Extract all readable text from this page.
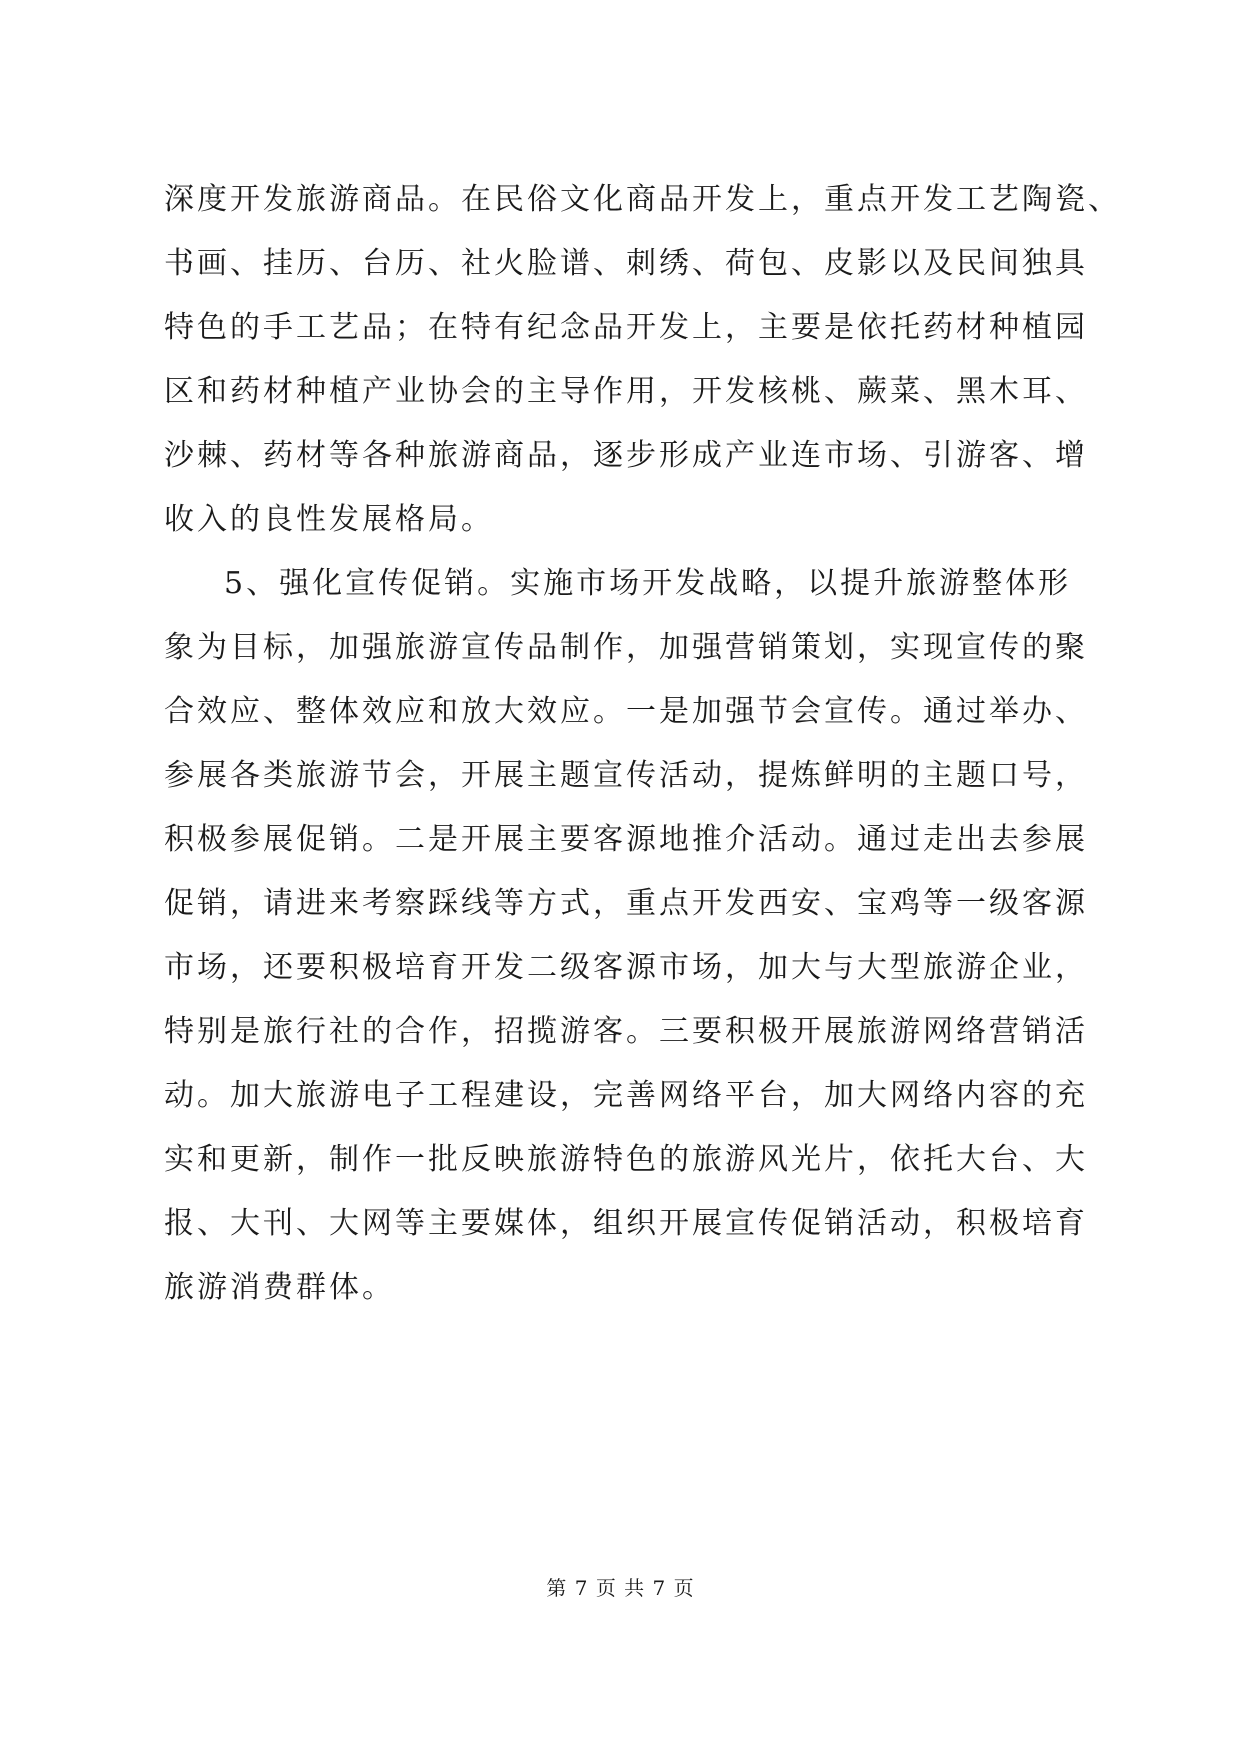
深度开发旅游商品。在民俗文化商品开发上，重点开发工艺陶瓷、
书画、挂历、台历、社火脸谱、刺绣、荷包、皮影以及民间独具
特色的手工艺品；在特有纪念品开发上，主要是依托药材种植园
区和药材种植产业协会的主导作用，开发核桃、蕨菜、黑木耳、
沙棘、药材等各种旅游商品，逐步形成产业连市场、引游客、增
收入的良性发展格局。
5、强化宣传促销。实施市场开发战略，以提升旅游整体形
象为目标，加强旅游宣传品制作，加强营销策划，实现宣传的聚
合效应、整体效应和放大效应。一是加强节会宣传。通过举办、
参展各类旅游节会，开展主题宣传活动，提炼鲜明的主题口号，
积极参展促销。二是开展主要客源地推介活动。通过走出去参展
促销，请进来考察踩线等方式，重点开发西安、宝鸡等一级客源
市场，还要积极培育开发二级客源市场，加大与大型旅游企业，
特别是旅行社的合作，招揽游客。三要积极开展旅游网络营销活
动。加大旅游电子工程建设，完善网络平台，加大网络内容的充
实和更新，制作一批反映旅游特色的旅游风光片，依托大台、大
报、大刊、大网等主要媒体，组织开展宣传促销活动，积极培育
旅游消费群体。
第 7 页 共 7 页
